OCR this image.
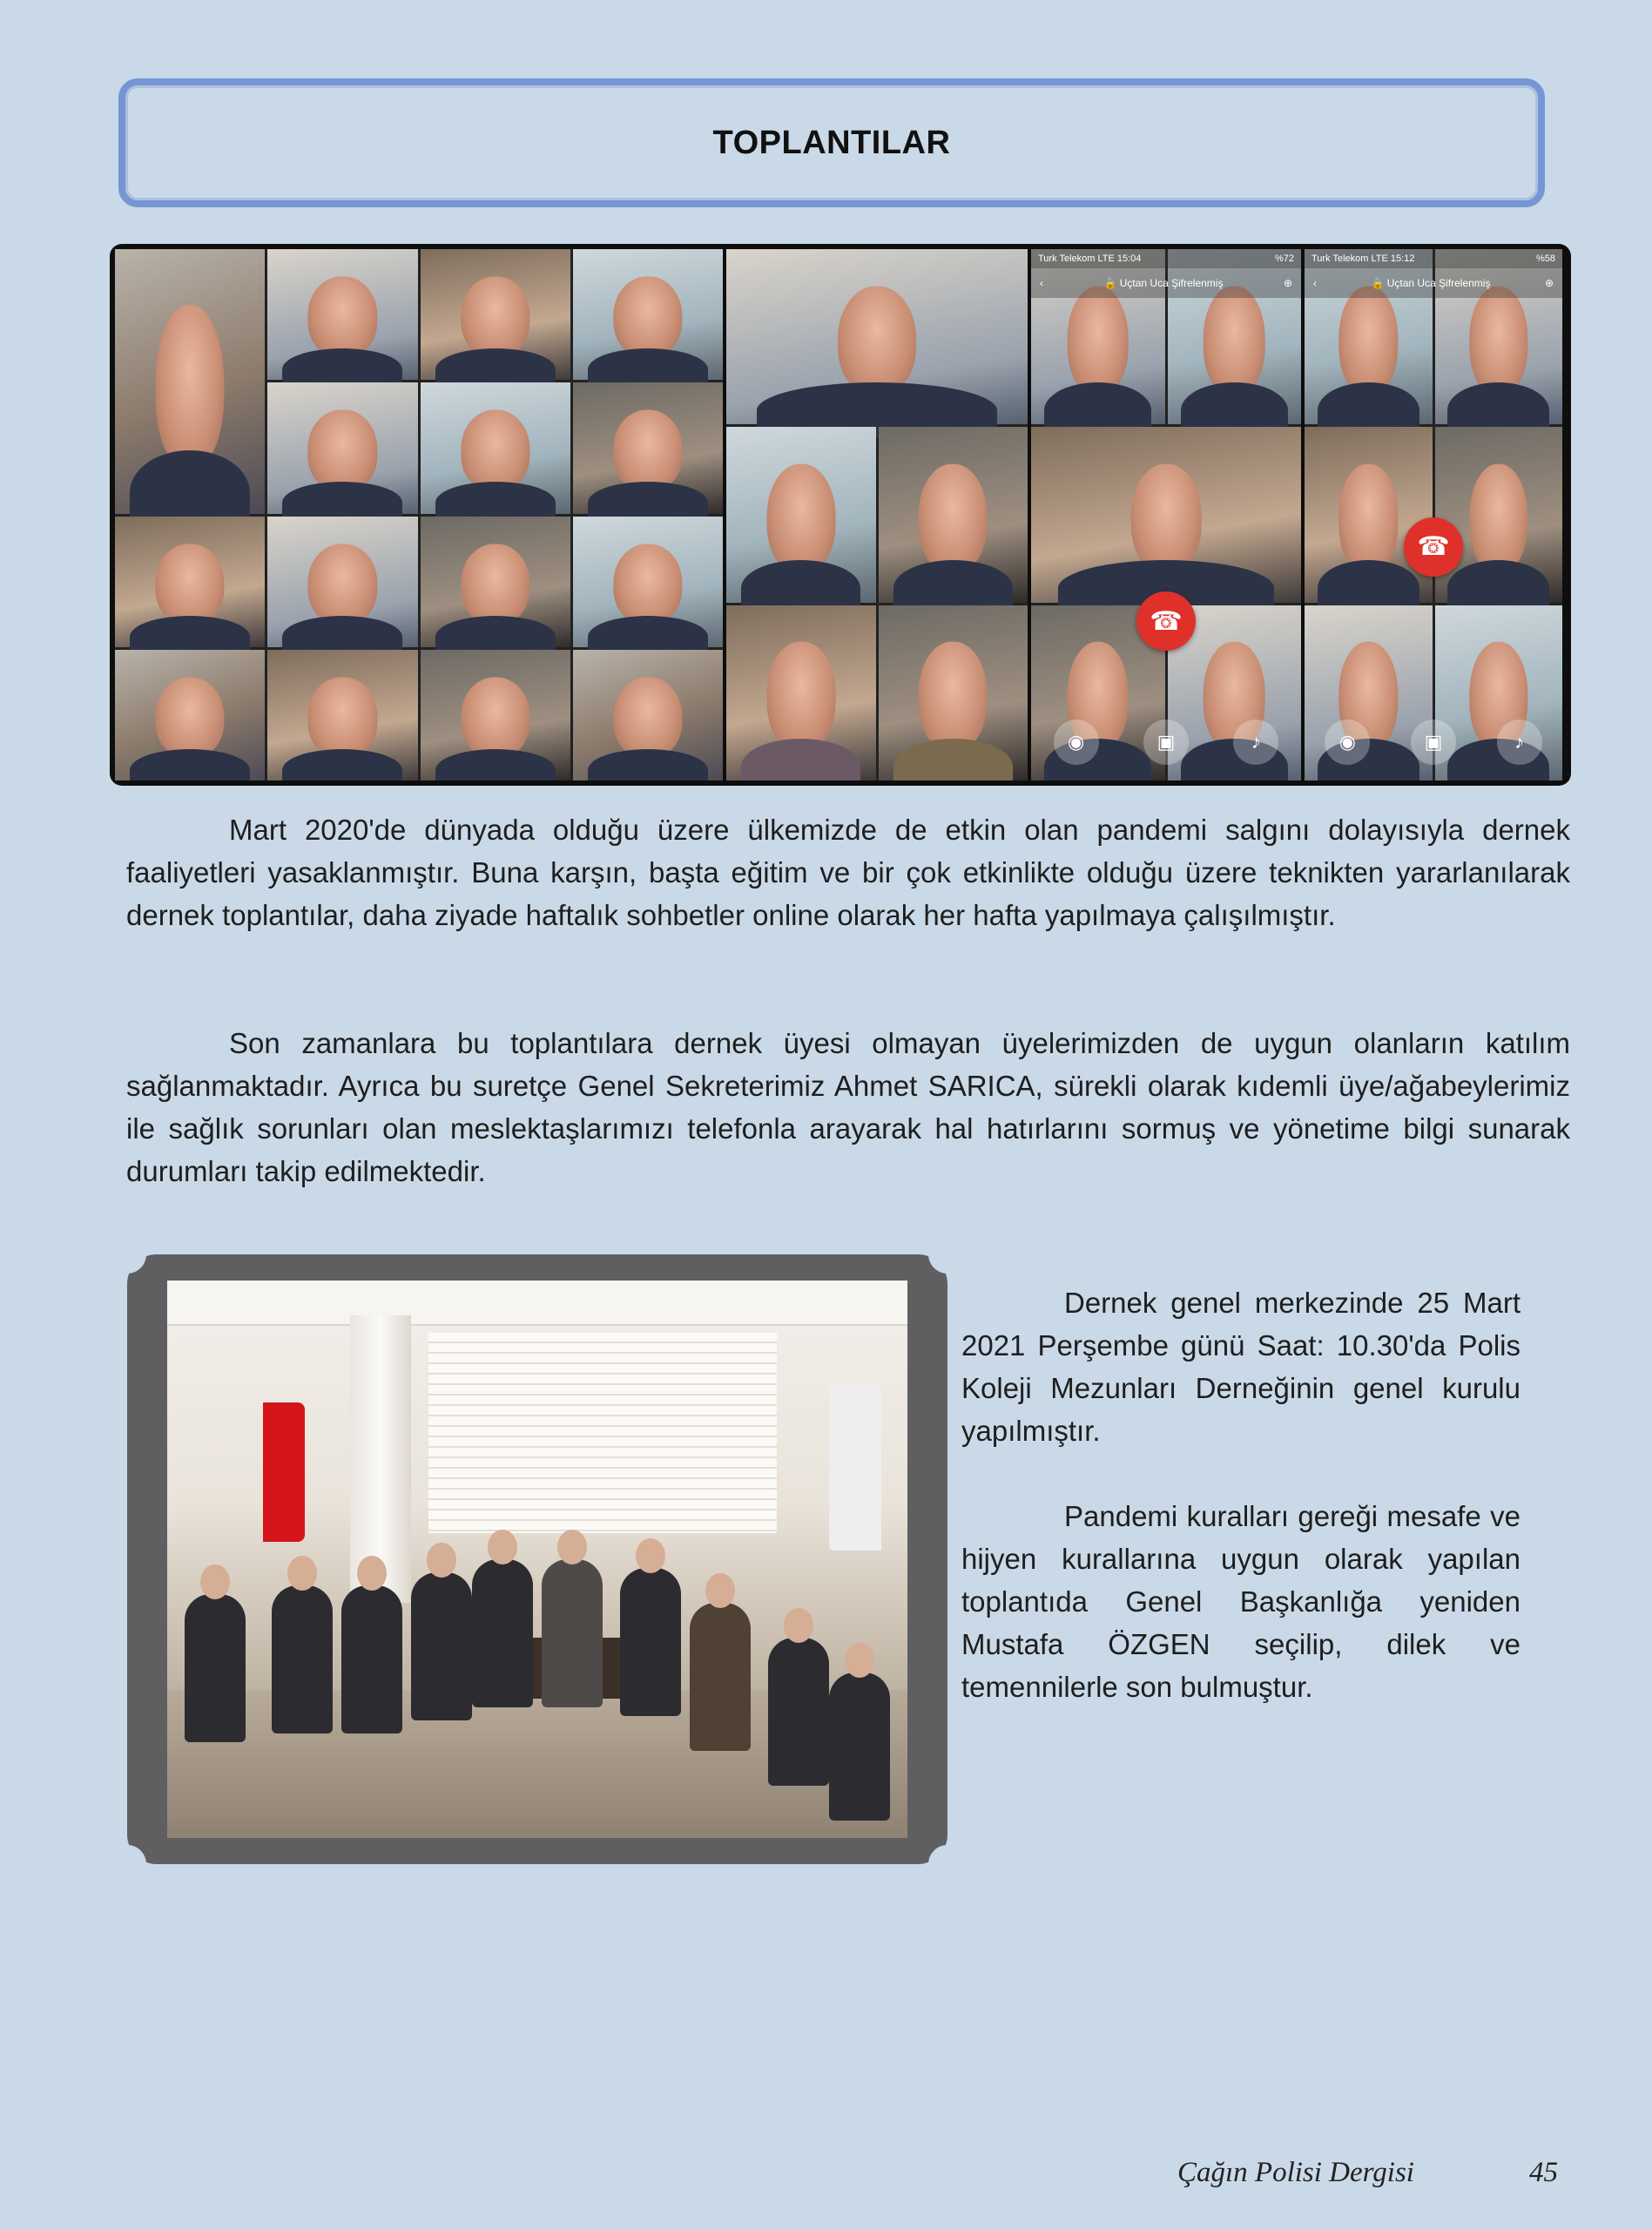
TOPLANTILAR
Turk Telekom LTE 15:04	%72
‹	🔒 Uçtan Uca Şifrelenmiş	⊕
☎
◉	▣	♪
Turk Telekom LTE 15:12	%58
‹	🔒 Uçtan Uca Şifrelenmiş	⊕
☎
◉	▣	♪

Mart 2020'de dünyada olduğu üzere ülkemizde de etkin olan pandemi salgını dolayısıyla dernek faaliyetleri yasaklanmıştır. Buna karşın, başta eğitim ve bir çok etkinlikte olduğu üzere teknikten yararlanılarak dernek toplantılar, daha ziyade haftalık sohbetler online olarak her hafta yapılmaya çalışılmıştır.

Son zamanlara bu toplantılara dernek üyesi olmayan üyelerimizden de uygun olanların katılım sağlanmaktadır. Ayrıca bu suretçe Genel Sekreterimiz Ahmet SARICA, sürekli olarak kıdemli üye/ağabeylerimiz ile sağlık sorunları olan meslektaşlarımızı telefonla arayarak hal hatırlarını sormuş ve yönetime bilgi sunarak durumları takip edilmektedir.

Dernek genel merkezinde 25 Mart 2021 Perşembe günü Saat: 10.30'da Polis Koleji Mezunları Derneğinin genel kurulu yapılmıştır.

Pandemi kuralları gereği mesafe ve hijyen kurallarına uygun olarak yapılan toplantıda Genel Başkanlığa yeniden Mustafa ÖZGEN seçilip, dilek ve temennilerle son bulmuştur.

Çağın Polisi Dergisi	45
